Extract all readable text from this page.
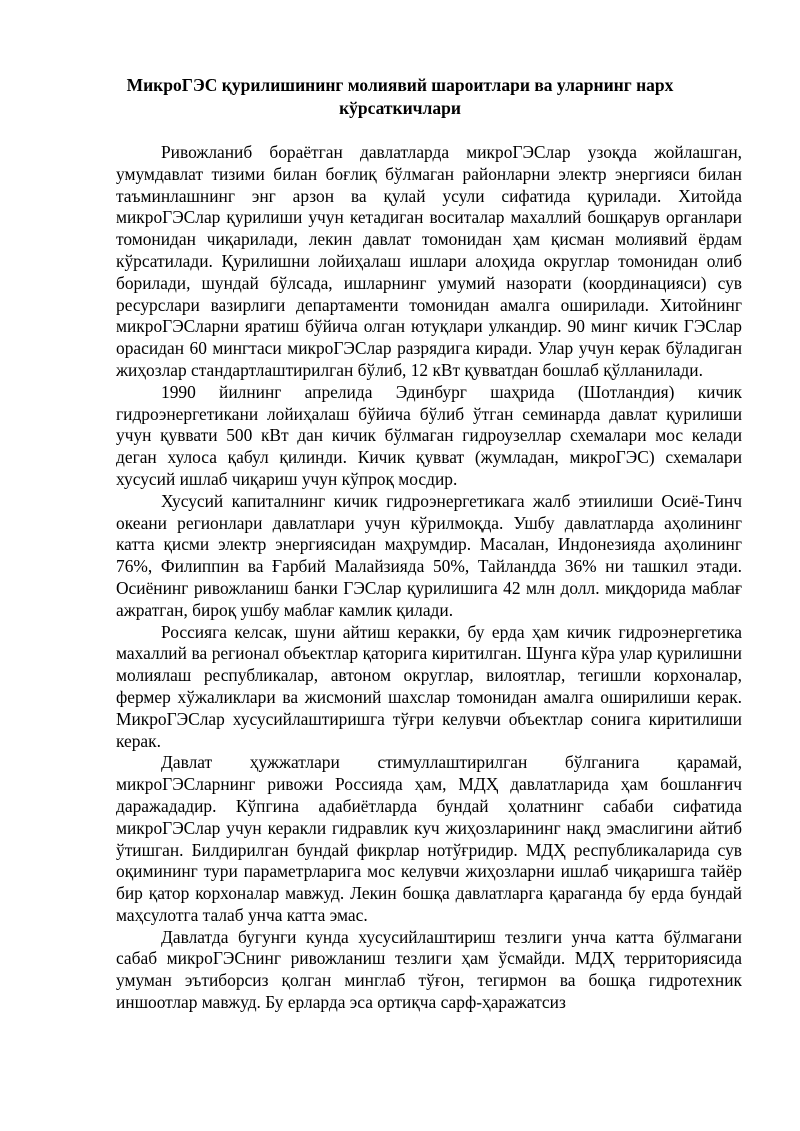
МикроГЭС қурилишининг молиявий шароитлари ва уларнинг нарх кўрсаткичлари

Ривожланиб бораётган давлатларда микроГЭСлар узоқда жойлашган, умумдавлат тизими билан боғлиқ бўлмаган районларни электр энергияси билан таъминлашнинг энг арзон ва қулай усули сифатида қурилади. Хитойда микроГЭСлар қурилиши учун кетадиган воситалар махаллий бошқарув органлари томонидан чиқарилади, лекин давлат томонидан ҳам қисман молиявий ёрдам кўрсатилади. Қурилишни лойиҳалаш ишлари алоҳида округлар томонидан олиб борилади, шундай бўлсада, ишларнинг умумий назорати (координацияси) сув ресурслари вазирлиги департаменти томонидан амалга оширилади. Хитойнинг микроГЭСларни яратиш бўйича олган ютуқлари улкандир. 90 минг кичик ГЭСлар орасидан 60 мингтаси микроГЭСлар разрядига киради. Улар учун керак бўладиган жиҳозлар стандартлаштирилган бўлиб, 12 кВт қувватдан бошлаб қўлланилади.

1990 йилнинг апрелида Эдинбург шаҳрида (Шотландия) кичик гидроэнергетикани лойиҳалаш бўйича бўлиб ўтган семинарда давлат қурилиши учун қуввати 500 кВт дан кичик бўлмаган гидроузеллар схемалари мос келади деган хулоса қабул қилинди. Кичик қувват (жумладан, микроГЭС) схемалари хусусий ишлаб чиқариш учун кўпроқ мосдир.

Хусусий капиталнинг кичик гидроэнергетикага жалб этиилиши Осиё-Тинч океани регионлари давлатлари учун кўрилмоқда. Ушбу давлатларда аҳолининг катта қисми электр энергиясидан маҳрумдир. Масалан, Индонезияда аҳолининг 76%, Филиппин ва Ғарбий Малайзияда 50%, Тайландда 36% ни ташкил этади. Осиёнинг ривожланиш банки ГЭСлар қурилишига 42 млн долл. миқдорида маблағ ажратган, бироқ ушбу маблағ камлик қилади.

Россияга келсак, шуни айтиш керакки, бу ерда ҳам кичик гидроэнергетика махаллий ва регионал объектлар қаторига киритилган. Шунга кўра улар қурилишни молиялаш республикалар, автоном округлар, вилоятлар, тегишли корхоналар, фермер хўжаликлари ва жисмоний шахслар томонидан амалга оширилиши керак. МикроГЭСлар хусусийлаштиришга тўғри келувчи объектлар сонига киритилиши керак.

Давлат ҳужжатлари стимуллаштирилган бўлганига қарамай, микроГЭСларнинг ривожи Россияда ҳам, МДҲ давлатларида ҳам бошланғич даражададир. Кўпгина адабиётларда бундай ҳолатнинг сабаби сифатида микроГЭСлар учун керакли гидравлик куч жиҳозларининг нақд эмаслигини айтиб ўтишган. Билдирилган бундай фикрлар нотўғридир. МДҲ республикаларида сув оқимининг тури параметрларига мос келувчи жиҳозларни ишлаб чиқаришга тайёр бир қатор корхоналар мавжуд. Лекин бошқа давлатларга қараганда бу ерда бундай маҳсулотга талаб унча катта эмас.

Давлатда бугунги кунда хусусийлаштириш тезлиги унча катта бўлмагани сабаб микроГЭСнинг ривожланиш тезлиги ҳам ўсмайди. МДҲ территориясида умуман эътиборсиз қолган минглаб тўғон, тегирмон ва бошқа гидротехник иншоотлар мавжуд. Бу ерларда эса ортиқча сарф-ҳаражатсиз
